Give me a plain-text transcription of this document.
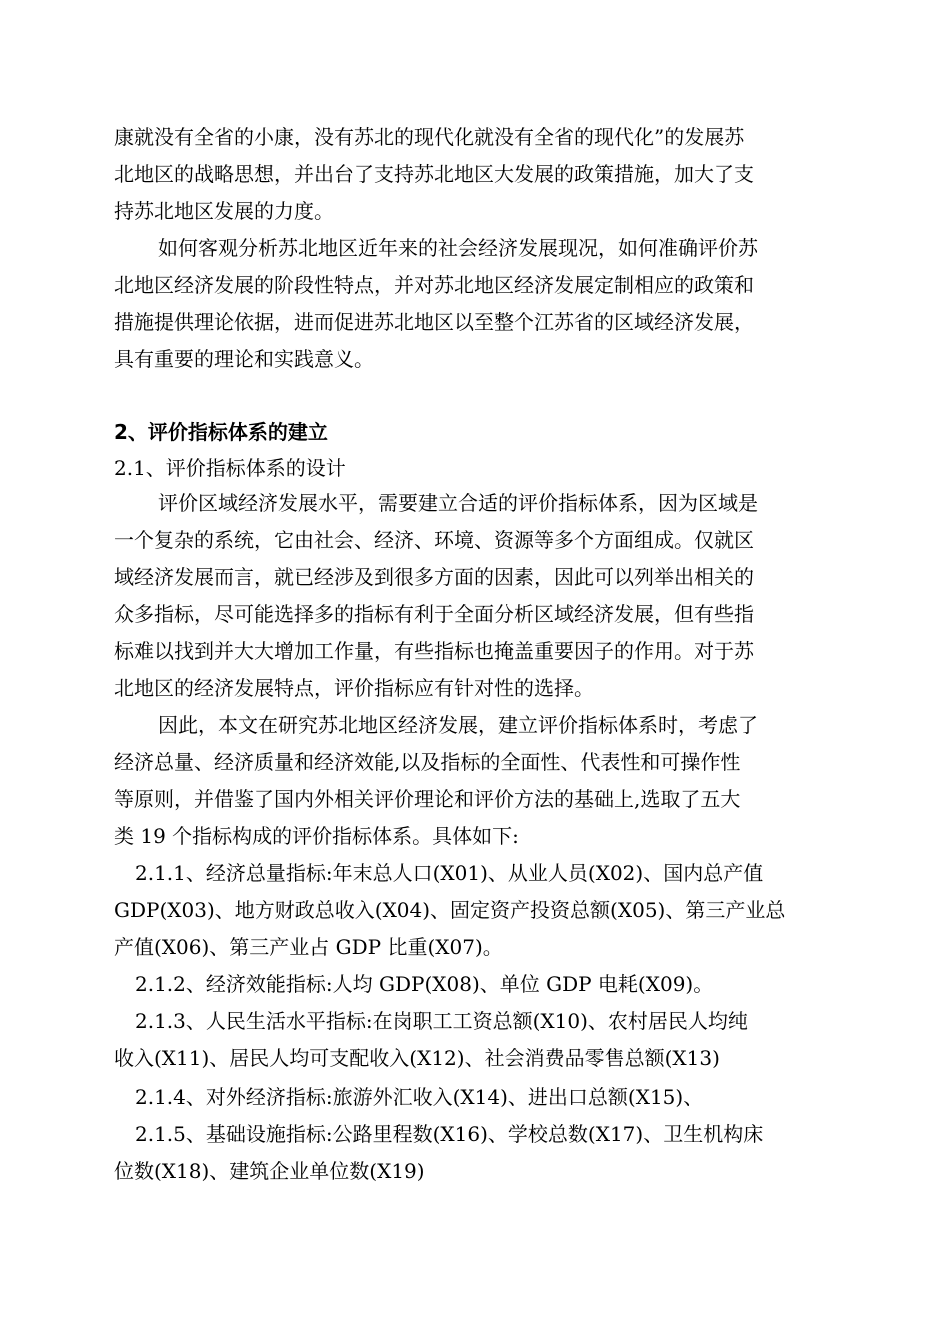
康就没有全省的小康，没有苏北的现代化就没有全省的现代化”的发展苏

北地区的战略思想，并出台了支持苏北地区大发展的政策措施，加大了支

持苏北地区发展的力度。

如何客观分析苏北地区近年来的社会经济发展现况，如何准确评价苏

北地区经济发展的阶段性特点，并对苏北地区经济发展定制相应的政策和

措施提供理论依据，进而促进苏北地区以至整个江苏省的区域经济发展，

具有重要的理论和实践意义。

2、评价指标体系的建立

2.1、评价指标体系的设计

评价区域经济发展水平，需要建立合适的评价指标体系，因为区域是

一个复杂的系统，它由社会、经济、环境、资源等多个方面组成。仅就区

域经济发展而言，就已经涉及到很多方面的因素，因此可以列举出相关的

众多指标，尽可能选择多的指标有利于全面分析区域经济发展，但有些指

标难以找到并大大增加工作量，有些指标也掩盖重要因子的作用。对于苏

北地区的经济发展特点，评价指标应有针对性的选择。

因此，本文在研究苏北地区经济发展，建立评价指标体系时，考虑了

经济总量、经济质量和经济效能,以及指标的全面性、代表性和可操作性

等原则，并借鉴了国内外相关评价理论和评价方法的基础上,选取了五大

类 19 个指标构成的评价指标体系。具体如下:

2.1.1、经济总量指标:年末总人口(X01)、从业人员(X02)、国内总产值

GDP(X03)、地方财政总收入(X04)、固定资产投资总额(X05)、第三产业总

产值(X06)、第三产业占 GDP 比重(X07)。

2.1.2、经济效能指标:人均 GDP(X08)、单位 GDP 电耗(X09)。

2.1.3、人民生活水平指标:在岗职工工资总额(X10)、农村居民人均纯

收入(X11)、居民人均可支配收入(X12)、社会消费品零售总额(X13)

2.1.4、对外经济指标:旅游外汇收入(X14)、进出口总额(X15)、

2.1.5、基础设施指标:公路里程数(X16)、学校总数(X17)、卫生机构床

位数(X18)、建筑企业单位数(X19)
